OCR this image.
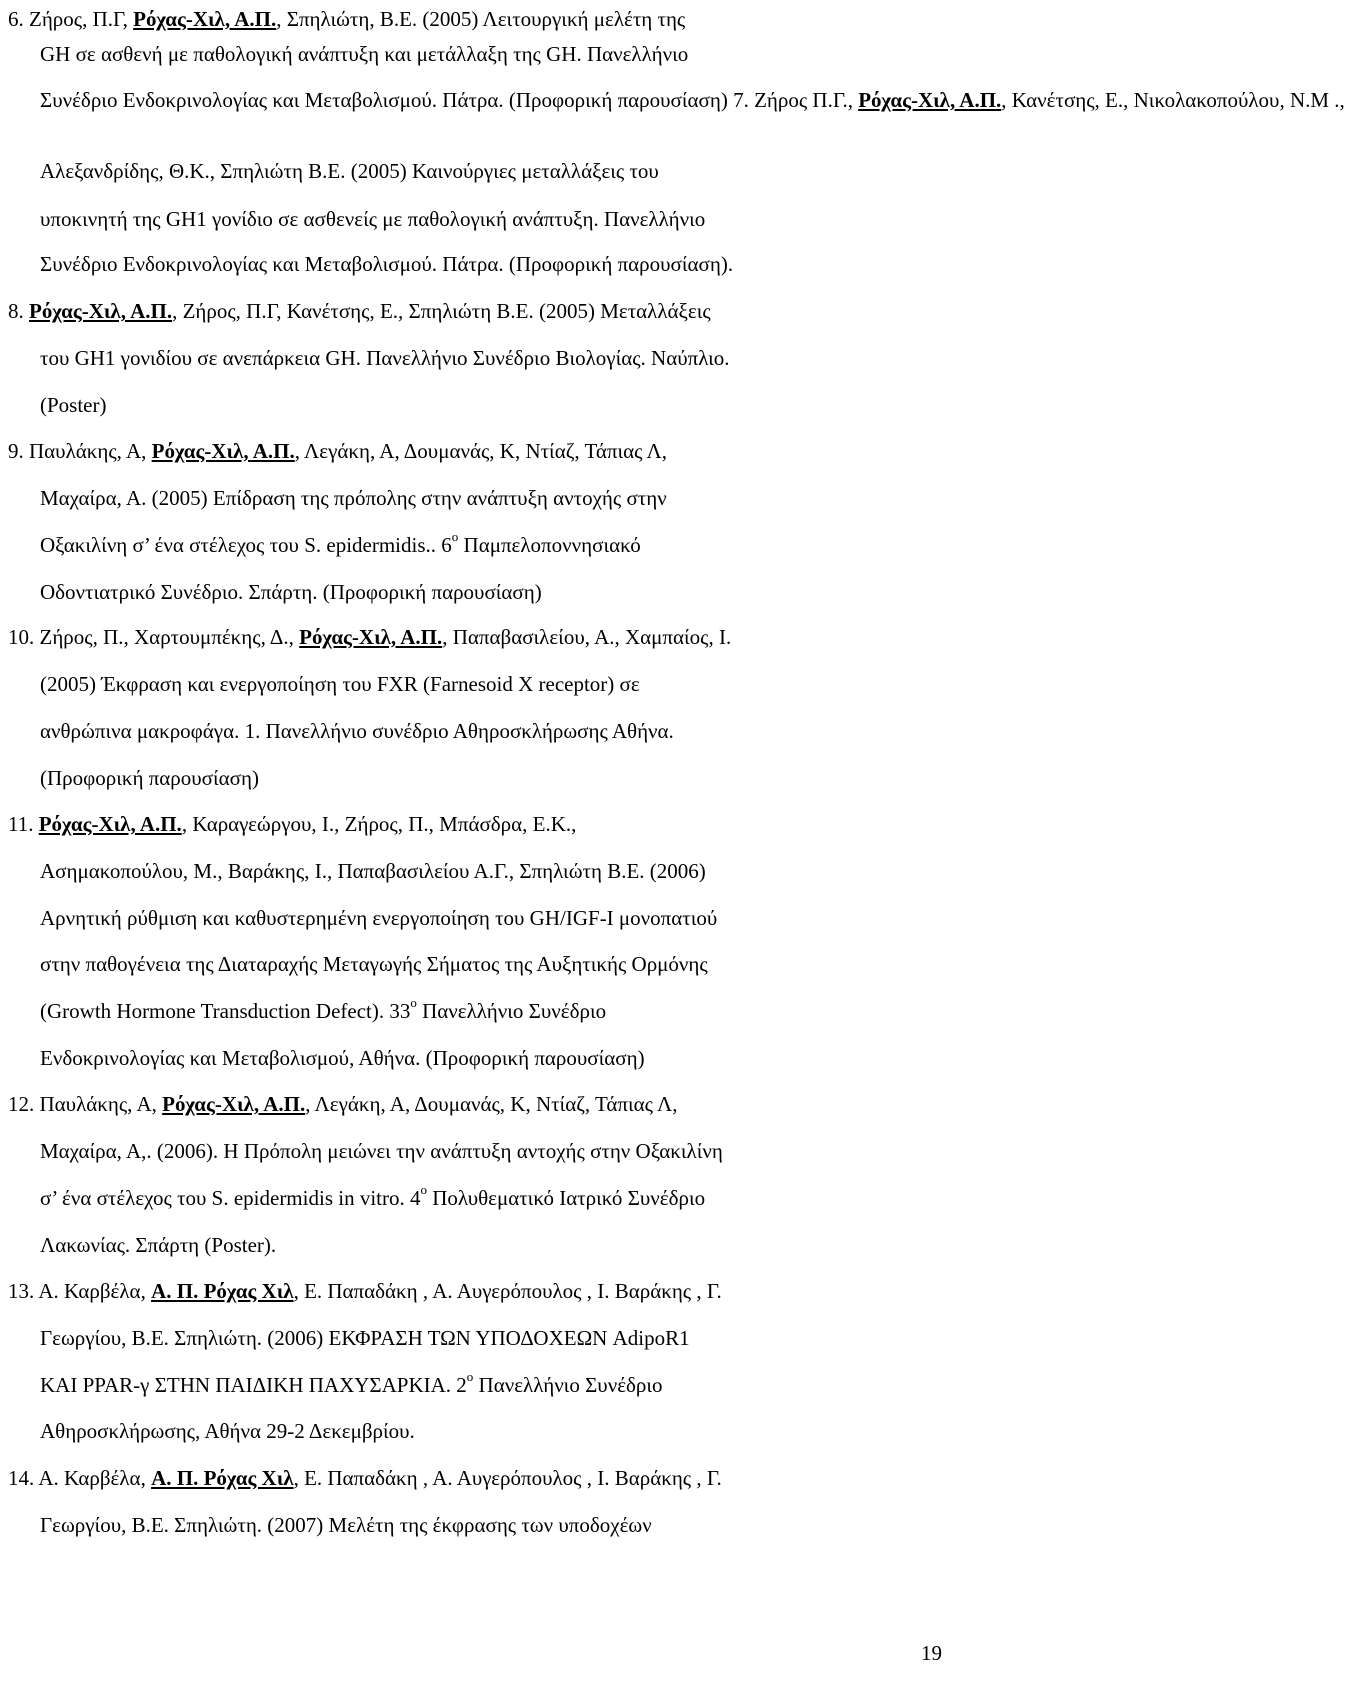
6. Ζήρος, Π.Γ, Ρόχας-Χιλ, Α.Π., Σπηλιώτη, Β.Ε. (2005) Λειτουργική μελέτη της
GH σε ασθενή με παθολογική ανάπτυξη και μετάλλαξη της GH. Πανελλήνιο
Συνέδριο Ενδοκρινολογίας και Μεταβολισμού. Πάτρα. (Προφορική παρουσίαση) 7. Ζήρος Π.Γ., Ρόχας-Χιλ, Α.Π., Κανέτσης, Ε., Νικολακοπούλου, Ν.Μ .,
Αλεξανδρίδης, Θ.Κ., Σπηλιώτη Β.Ε. (2005) Καινούργιες μεταλλάξεις του
υποκινητή της GH1 γονίδιο σε ασθενείς με παθολογική ανάπτυξη. Πανελλήνιο
Συνέδριο Ενδοκρινολογίας και Μεταβολισμού. Πάτρα. (Προφορική παρουσίαση).
8. Ρόχας-Χιλ, Α.Π., Ζήρος, Π.Γ, Κανέτσης, Ε., Σπηλιώτη Β.Ε. (2005) Μεταλλάξεις
του GH1 γονιδίου σε ανεπάρκεια GH. Πανελλήνιο Συνέδριο Βιολογίας. Ναύπλιο.
(Poster)
9. Παυλάκης, Α, Ρόχας-Χιλ, Α.Π., Λεγάκη, Α, Δουμανάς, Κ, Ντίαζ, Τάπιας Λ,
Μαχαίρα, Α. (2005) Επίδραση της πρόπολης στην ανάπτυξη αντοχής στην
Οξακιλίνη σ’ ένα στέλεχος του S. epidermidis.. $6^o$ Παμπελοποννησιακό
Οδοντιατρικό Συνέδριο. Σπάρτη. (Προφορική παρουσίαση)
10. Ζήρος, Π., Χαρτουμπέκης, Δ., Ρόχας-Χιλ, Α.Π., Παπαβασιλείου, Α., Χαμπαίος, Ι.
(2005) Έκφραση και ενεργοποίηση του FXR (Farnesoid X receptor) σε
ανθρώπινα μακροφάγα. 1. Πανελλήνιο συνέδριο Αθηροσκλήρωσης Αθήνα.
(Προφορική παρουσίαση)
11. Ρόχας-Χιλ, Α.Π., Καραγεώργου, Ι., Ζήρος, Π., Μπάσδρα, Ε.Κ.,
Ασημακοπούλου, Μ., Βαράκης, Ι., Παπαβασιλείου Α.Γ., Σπηλιώτη Β.Ε. (2006)
Αρνητική ρύθμιση και καθυστερημένη ενεργοποίηση του GH/IGF-I μονοπατιού
στην παθογένεια της Διαταραχής Μεταγωγής Σήματος της Αυξητικής Ορμόνης
(Growth Hormone Transduction Defect). $33^o$ Πανελλήνιο Συνέδριο
Ενδοκρινολογίας και Μεταβολισμού, Αθήνα. (Προφορική παρουσίαση)
12. Παυλάκης, Α, Ρόχας-Χιλ, Α.Π., Λεγάκη, Α, Δουμανάς, Κ, Ντίαζ, Τάπιας Λ,
Μαχαίρα, Α,. (2006). Η Πρόπολη μειώνει την ανάπτυξη αντοχής στην Οξακιλίνη
σ’ ένα στέλεχος του S. epidermidis in vitro. $4^o$ Πολυθεματικό Ιατρικό Συνέδριο
Λακωνίας. Σπάρτη (Poster).
13. Α. Καρβέλα, Α. Π. Ρόχας Χιλ, Ε. Παπαδάκη , Α. Αυγερόπουλος , Ι. Βαράκης , Γ.
Γεωργίου, Β.Ε. Σπηλιώτη. (2006) ΕΚΦΡΑΣΗ ΤΩΝ ΥΠΟΔΟΧΕΩΝ AdipoR1
ΚΑΙ PPAR-γ ΣΤΗΝ ΠΑΙΔΙΚΗ ΠΑΧΥΣΑΡΚΙΑ. $2^o$ Πανελλήνιο Συνέδριο
Αθηροσκλήρωσης, Αθήνα 29-2 Δεκεμβρίου.
14. Α. Καρβέλα, Α. Π. Ρόχας Χιλ, Ε. Παπαδάκη , Α. Αυγερόπουλος , Ι. Βαράκης , Γ.
Γεωργίου, Β.Ε. Σπηλιώτη. (2007) Μελέτη της έκφρασης των υποδοχέων
19
